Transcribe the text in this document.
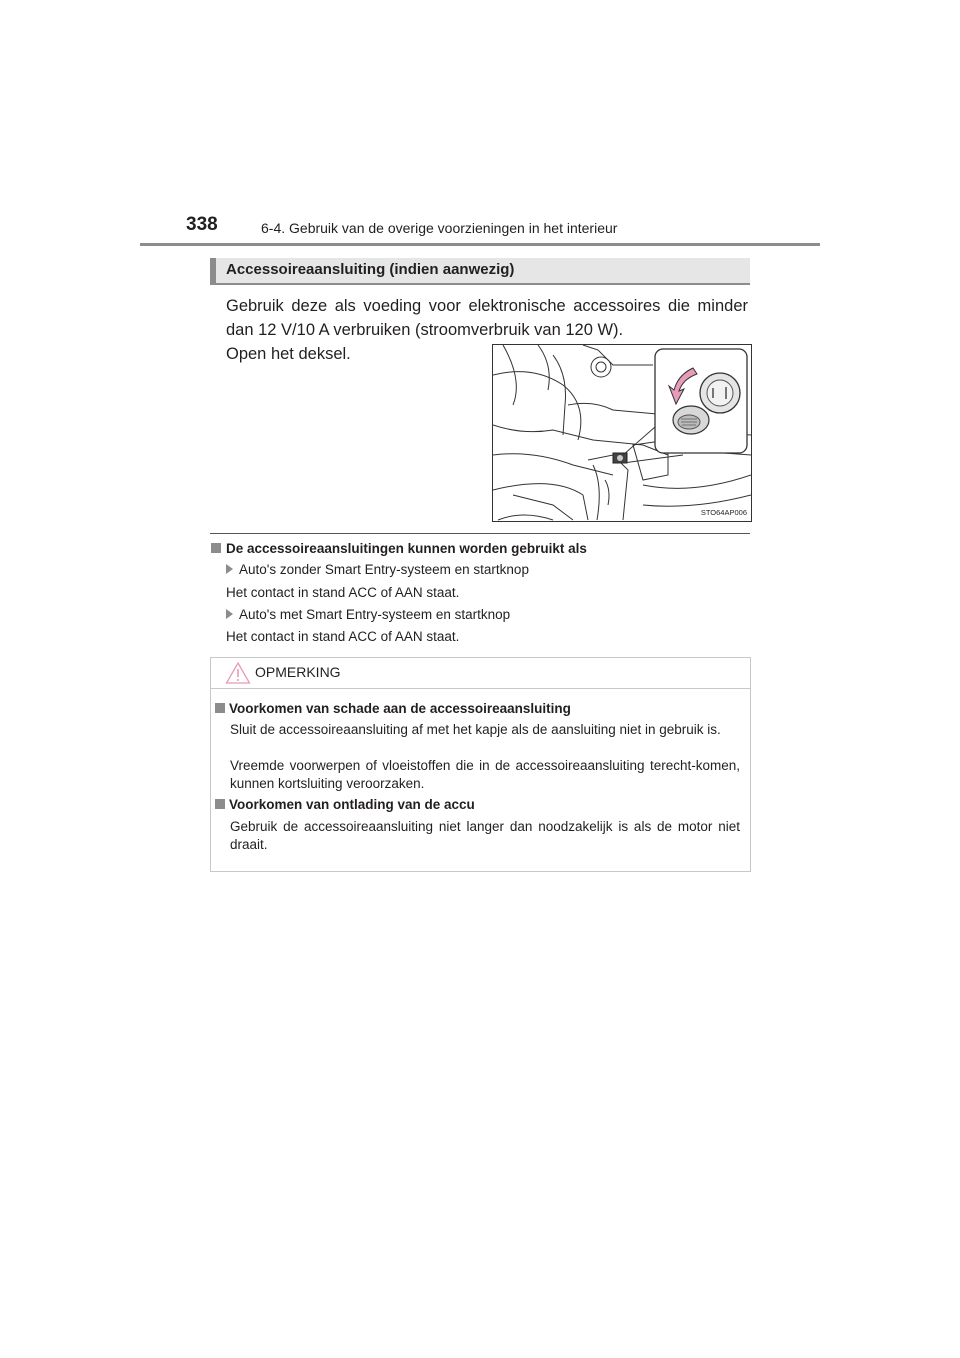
338	6-4. Gebruik van de overige voorzieningen in het interieur
Accessoireaansluiting (indien aanwezig)
Gebruik deze als voeding voor elektronische accessoires die minder dan 12 V/10 A verbruiken (stroomverbruik van 120 W).
Open het deksel.
STO64AP006
De accessoireaansluitingen kunnen worden gebruikt als
Auto's zonder Smart Entry-systeem en startknop
Het contact in stand ACC of AAN staat.
Auto's met Smart Entry-systeem en startknop
Het contact in stand ACC of AAN staat.
OPMERKING
Voorkomen van schade aan de accessoireaansluiting
Sluit de accessoireaansluiting af met het kapje als de aansluiting niet in gebruik is.
Vreemde voorwerpen of vloeistoffen die in de accessoireaansluiting terecht-komen, kunnen kortsluiting veroorzaken.
Voorkomen van ontlading van de accu
Gebruik de accessoireaansluiting niet langer dan noodzakelijk is als de motor niet draait.
